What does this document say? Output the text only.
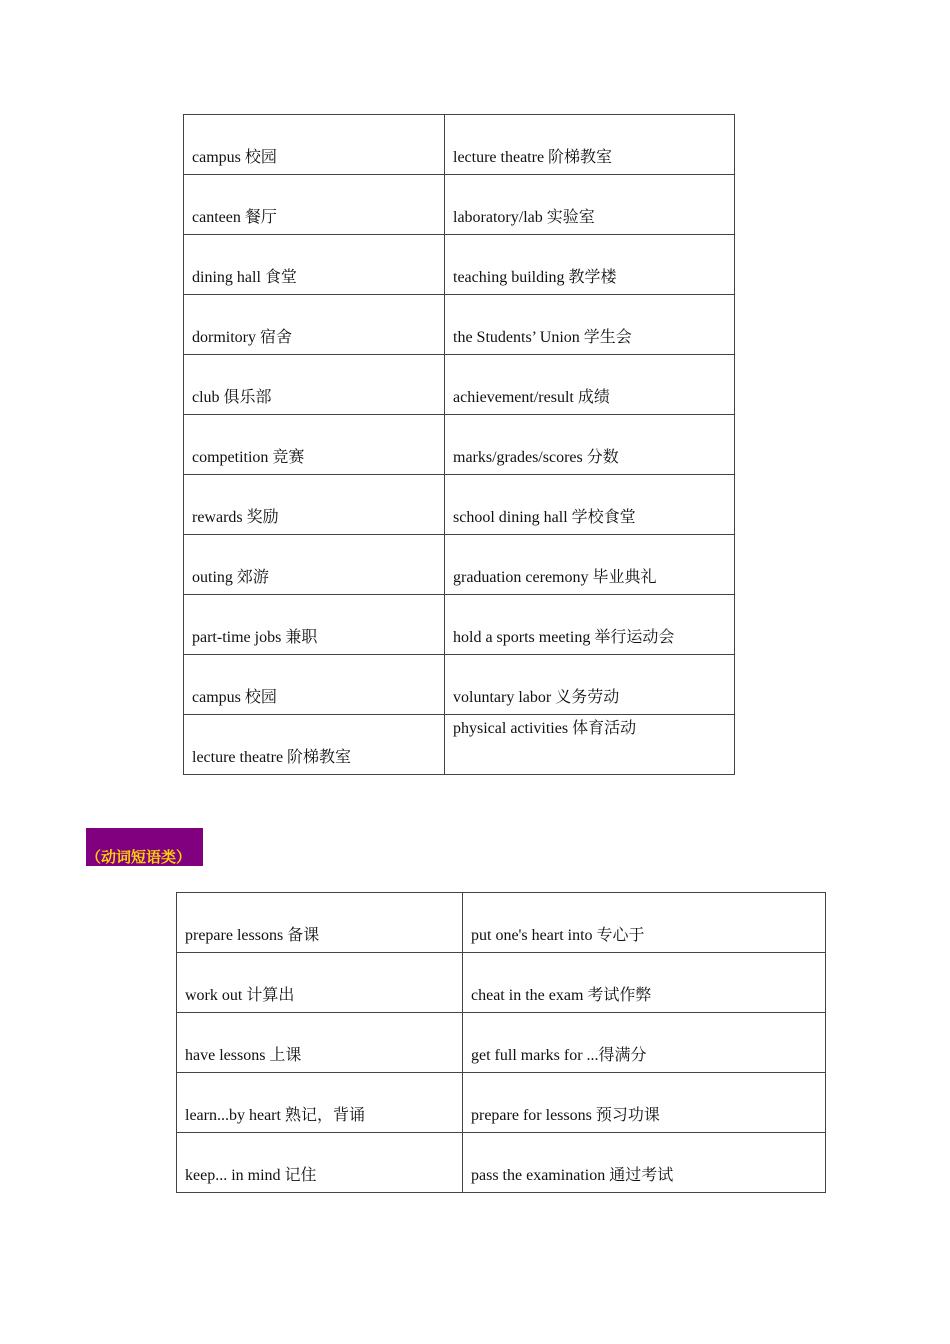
campus 校园	lecture theatre 阶梯教室
canteen 餐厅	laboratory/lab 实验室
dining hall 食堂	teaching building 教学楼
dormitory 宿舍	the Students’ Union 学生会
club 俱乐部	achievement/result 成绩
competition 竞赛	marks/grades/scores 分数
rewards 奖励	school dining hall 学校食堂
outing 郊游	graduation ceremony 毕业典礼
part-time jobs 兼职	hold a sports meeting 举行运动会
campus 校园	voluntary labor 义务劳动
lecture theatre 阶梯教室	physical activities 体育活动
（动词短语类）
prepare lessons 备课	put one's heart into 专心于
work out 计算出	cheat in the exam 考试作弊
have lessons 上课	get full marks for ...得满分
learn...by heart 熟记，背诵	prepare for lessons 预习功课
keep... in mind 记住	pass the examination 通过考试
